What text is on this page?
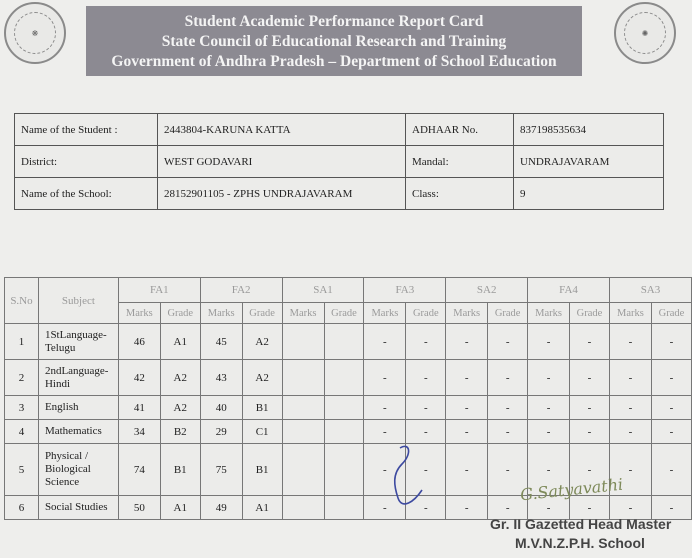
❋	✺
Student Academic Performance Report Card
State Council of Educational Research and Training
Government of Andhra Pradesh – Department of School Education
Name of the Student :	2443804-KARUNA KATTA	ADHAAR No.	837198535634
District:	WEST GODAVARI	Mandal:	UNDRAJAVARAM
Name of the School:	28152901105 - ZPHS UNDRAJAVARAM	Class:	9
S.No	Subject	FA1		FA2		SA1		FA3		SA2		FA4		SA3	
		Marks	Grade	Marks	Grade	Marks	Grade	Marks	Grade	Marks	Grade	Marks	Grade	Marks	Grade
1	1StLanguage-Telugu	46	A1	45	A2			-	-	-	-	-	-	-	-
2	2ndLanguage-Hindi	42	A2	43	A2			-	-	-	-	-	-	-	-
3	English	41	A2	40	B1			-	-	-	-	-	-	-	-
4	Mathematics	34	B2	29	C1			-	-	-	-	-	-	-	-
5	Physical / Biological Science	74	B1	75	B1			-	-	-	-	-	-	-	-
6	Social Studies	50	A1	49	A1			-	-	-	-	-	-	-	-
G.Satyavathi
Gr. II Gazetted Head Master
M.V.N.Z.P.H. School
